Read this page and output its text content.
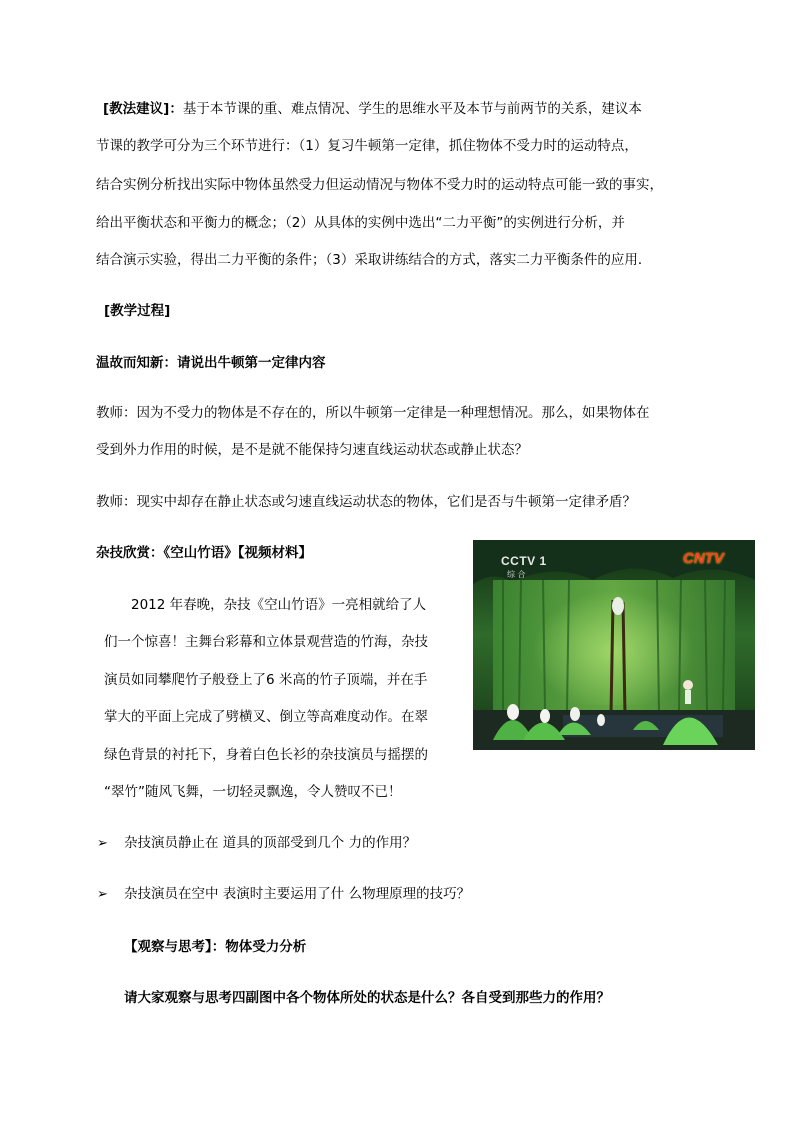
[教法建议]：基于本节课的重、难点情况、学生的思维水平及本节与前两节的关系，建议本
节课的教学可分为三个环节进行：（1）复习牛顿第一定律，抓住物体不受力时的运动特点，
结合实例分析找出实际中物体虽然受力但运动情况与物体不受力时的运动特点可能一致的事实，
给出平衡状态和平衡力的概念；（2）从具体的实例中选出“二力平衡”的实例进行分析，并
结合演示实验，得出二力平衡的条件；（3）采取讲练结合的方式，落实二力平衡条件的应用．
[教学过程]
温故而知新：请说出牛顿第一定律内容
教师：因为不受力的物体是不存在的，所以牛顿第一定律是一种理想情况。那么，如果物体在
受到外力作用的时候，是不是就不能保持匀速直线运动状态或静止状态？
教师：现实中却存在静止状态或匀速直线运动状态的物体，它们是否与牛顿第一定律矛盾？
杂技欣赏：《空山竹语》【视频材料】
2012 年春晚，杂技《空山竹语》一亮相就给了人
们一个惊喜！主舞台彩幕和立体景观营造的竹海，杂技
演员如同攀爬竹子般登上了6 米高的竹子顶端，并在手
掌大的平面上完成了劈横叉、倒立等高难度动作。在翠
绿色背景的衬托下，身着白色长衫的杂技演员与摇摆的
“翠竹”随风飞舞，一切轻灵飘逸，令人赞叹不已！
CCTV 1
综 合
CNTV
➢ 杂技演员静止在 道具的顶部受到几个 力的作用？
➢ 杂技演员在空中 表演时主要运用了什 么物理原理的技巧？
【观察与思考】：物体受力分析
请大家观察与思考四副图中各个物体所处的状态是什么？各自受到那些力的作用？
